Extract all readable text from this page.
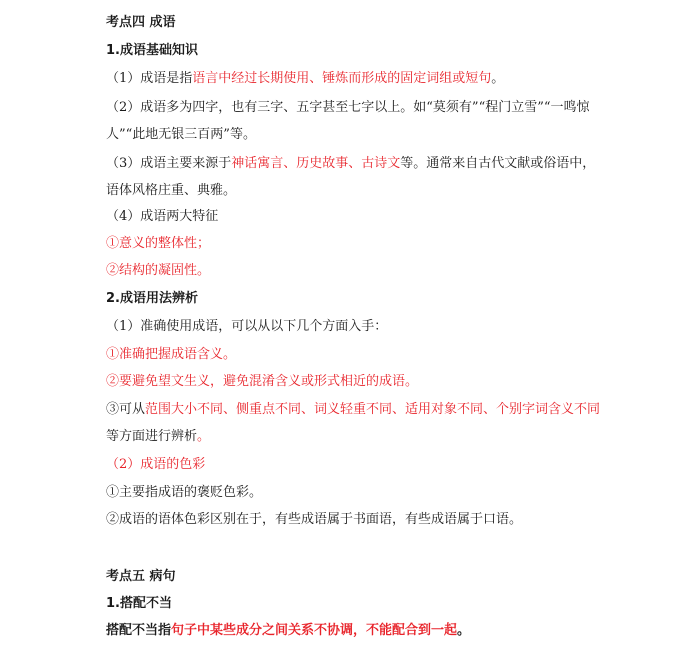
考点四 成语
1.成语基础知识
（1）成语是指语言中经过长期使用、锤炼而形成的固定词组或短句。
（2）成语多为四字，也有三字、五字甚至七字以上。如“莫须有”“程门立雪”“一鸣惊人”“此地无银三百两”等。
（3）成语主要来源于神话寓言、历史故事、古诗文等。通常来自古代文献或俗语中，语体风格庄重、典雅。
（4）成语两大特征
①意义的整体性；
②结构的凝固性。
2.成语用法辨析
（1）准确使用成语，可以从以下几个方面入手：
①准确把握成语含义。
②要避免望文生义，避免混淆含义或形式相近的成语。
③可从范围大小不同、侧重点不同、词义轻重不同、适用对象不同、个别字词含义不同等方面进行辨析。
（2）成语的色彩
①主要指成语的褒贬色彩。
②成语的语体色彩区别在于，有些成语属于书面语，有些成语属于口语。
考点五 病句
1.搭配不当
搭配不当指句子中某些成分之间关系不协调，不能配合到一起。
